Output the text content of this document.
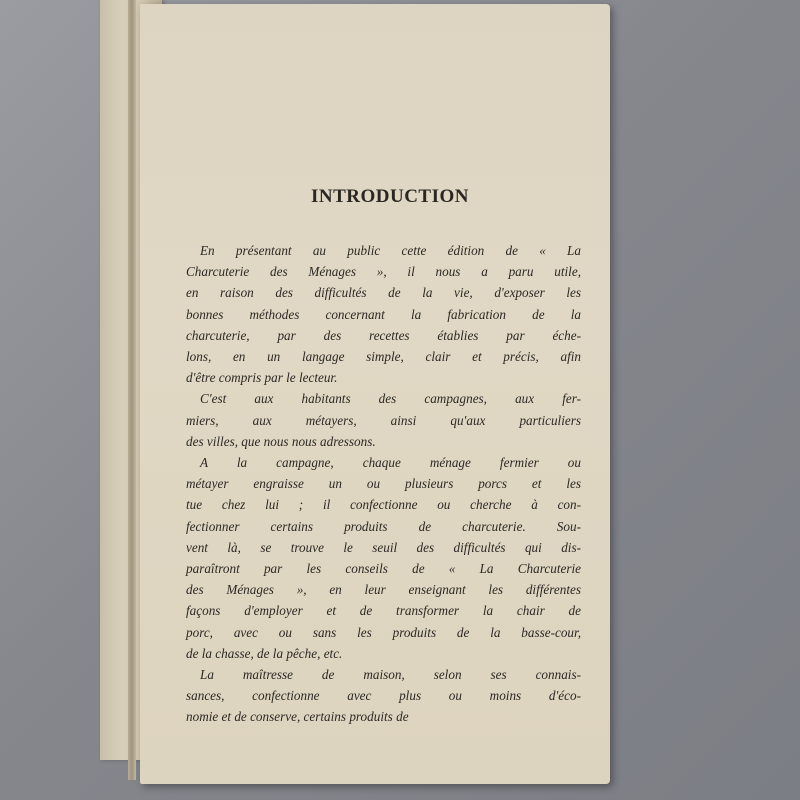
INTRODUCTION
En présentant au public cette édition de « La
Charcuterie des Ménages », il nous a paru utile,
en raison des difficultés de la vie, d'exposer les
bonnes méthodes concernant la fabrication de la
charcuterie, par des recettes établies par éche-
lons, en un langage simple, clair et précis, afin
d'être compris par le lecteur.
C'est aux habitants des campagnes, aux fer-
miers, aux métayers, ainsi qu'aux particuliers
des villes, que nous nous adressons.
A la campagne, chaque ménage fermier ou
métayer engraisse un ou plusieurs porcs et les
tue chez lui ; il confectionne ou cherche à con-
fectionner certains produits de charcuterie. Sou-
vent là, se trouve le seuil des difficultés qui dis-
paraîtront par les conseils de « La Charcuterie
des Ménages », en leur enseignant les différentes
façons d'employer et de transformer la chair de
porc, avec ou sans les produits de la basse-cour,
de la chasse, de la pêche, etc.
La maîtresse de maison, selon ses connais-
sances, confectionne avec plus ou moins d'éco-
nomie et de conserve, certains produits de
